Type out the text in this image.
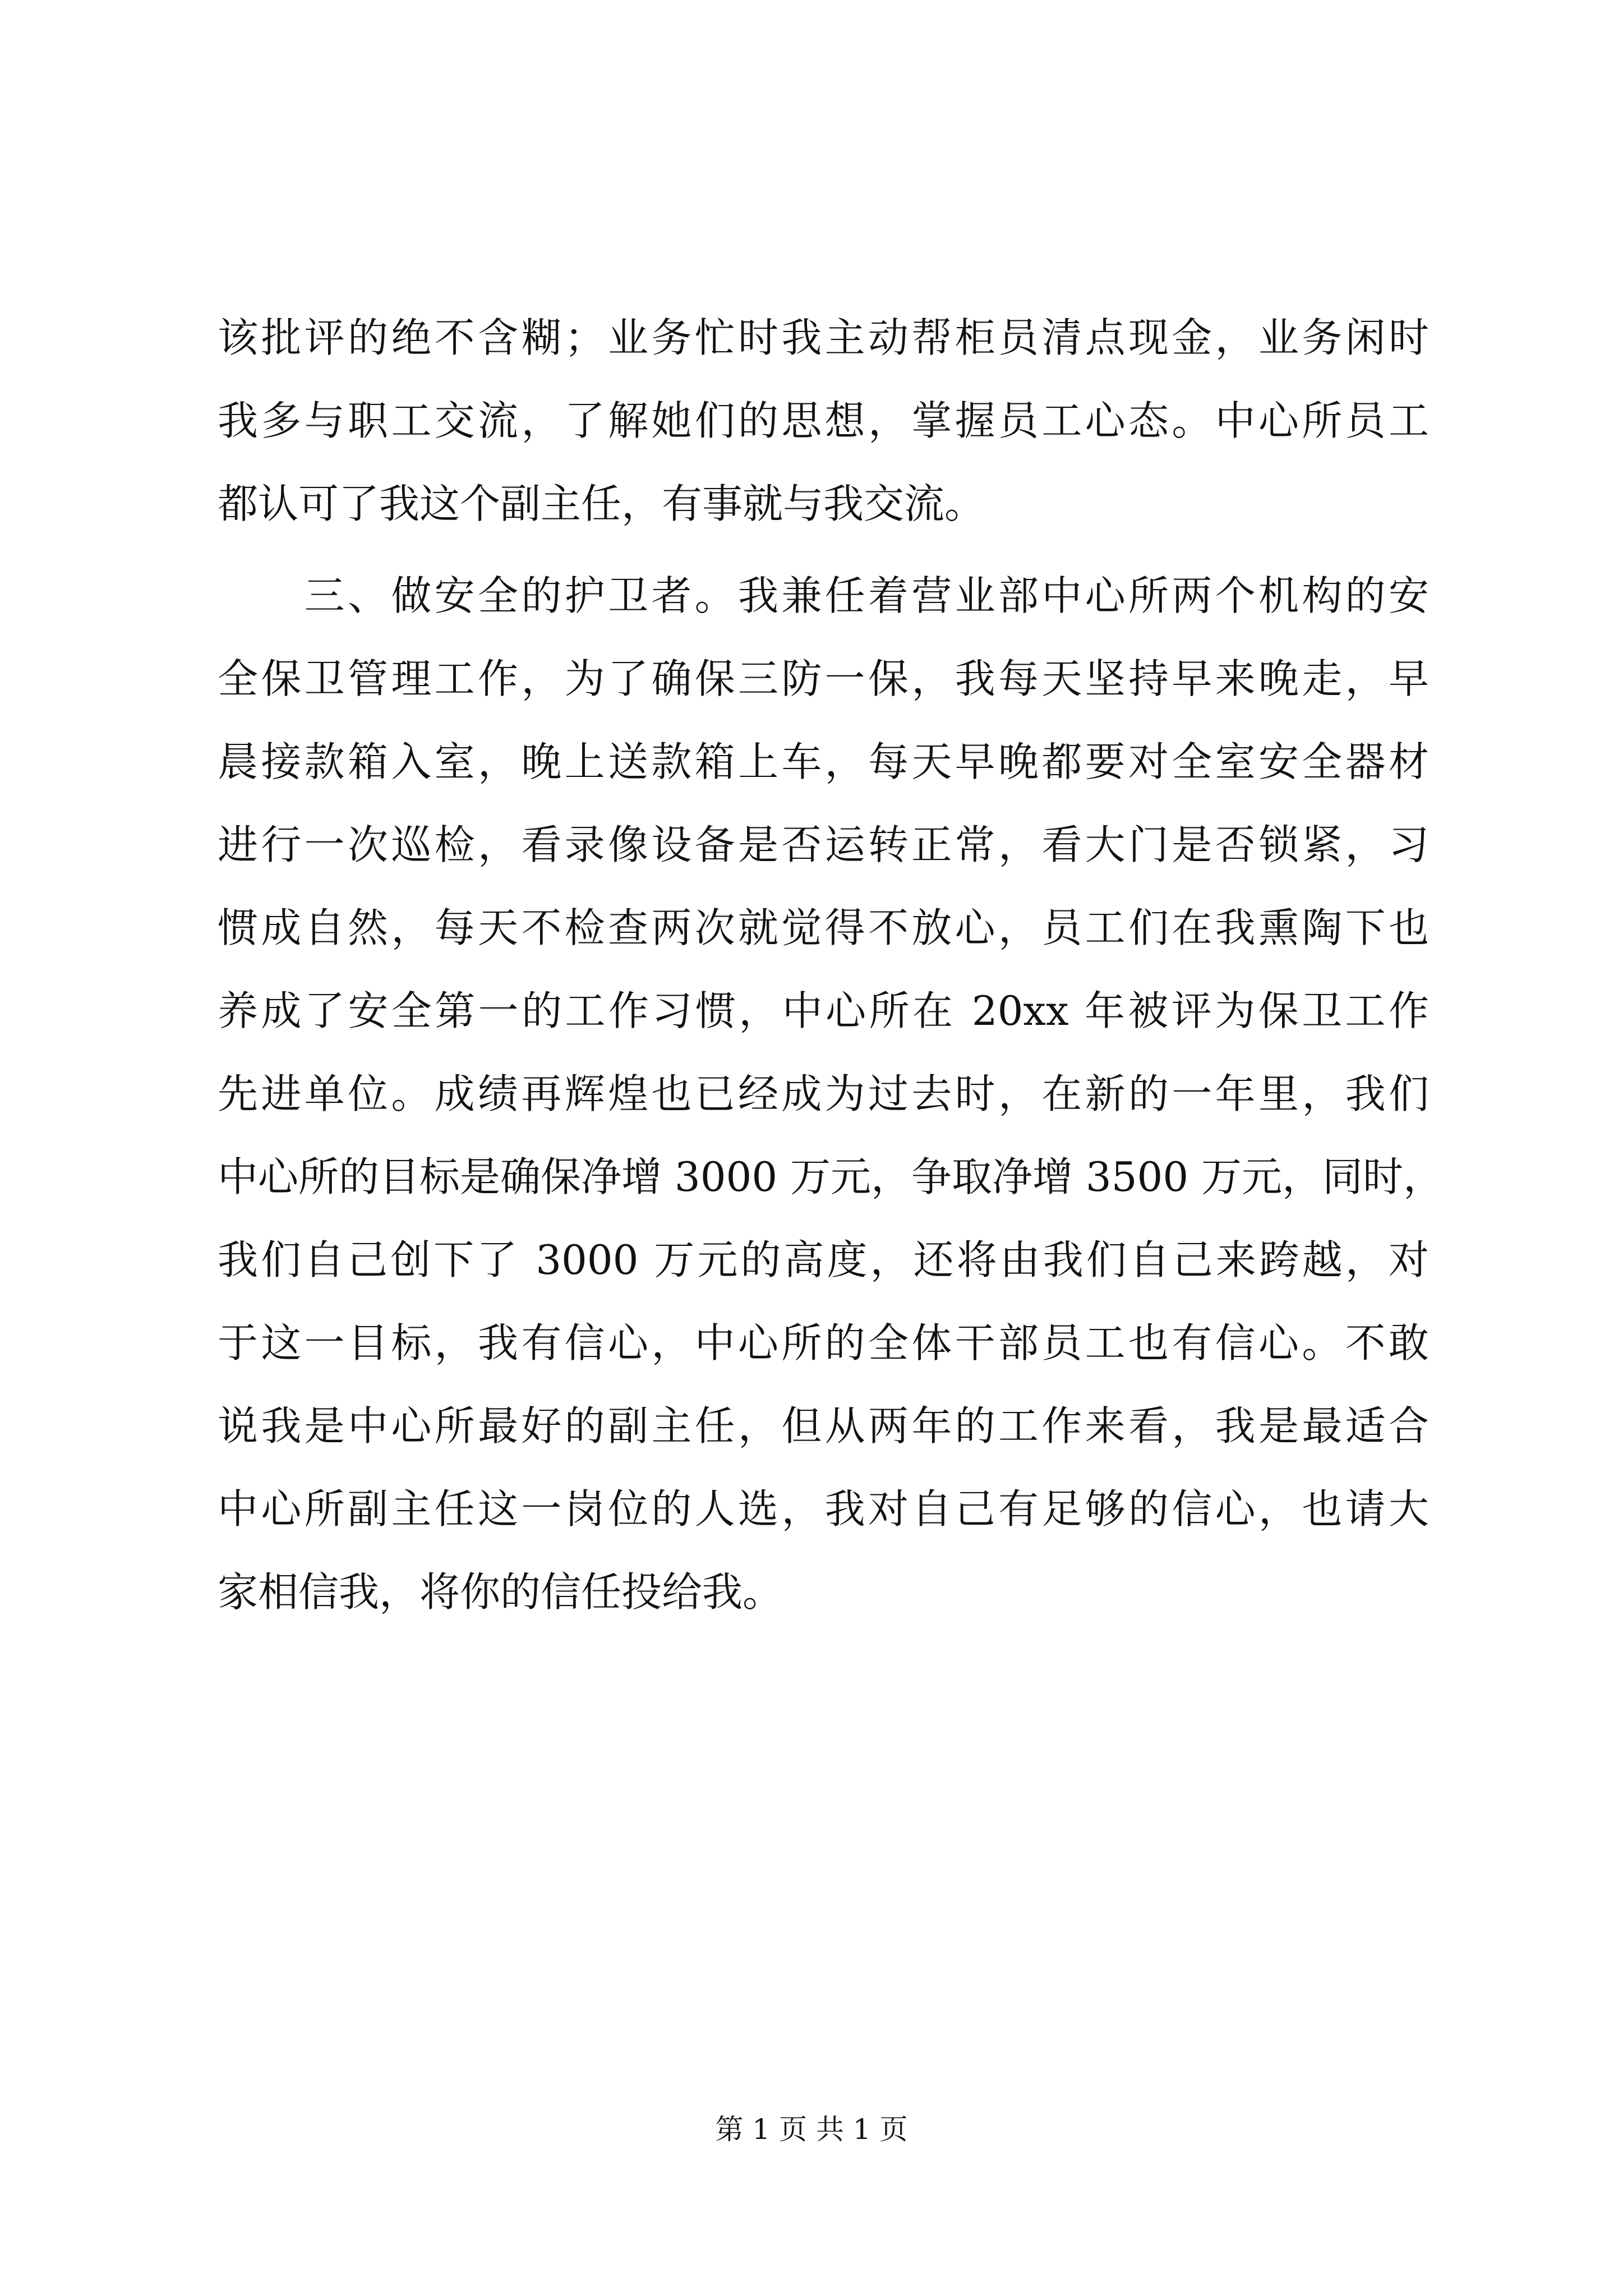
该批评的绝不含糊；业务忙时我主动帮柜员清点现金，业务闲时
我多与职工交流，了解她们的思想，掌握员工心态。中心所员工
都认可了我这个副主任，有事就与我交流。
　　三、做安全的护卫者。我兼任着营业部中心所两个机构的安
全保卫管理工作，为了确保三防一保，我每天坚持早来晚走，早
晨接款箱入室，晚上送款箱上车，每天早晚都要对全室安全器材
进行一次巡检，看录像设备是否运转正常，看大门是否锁紧，习
惯成自然，每天不检查两次就觉得不放心，员工们在我熏陶下也
养成了安全第一的工作习惯，中心所在 20xx 年被评为保卫工作
先进单位。成绩再辉煌也已经成为过去时，在新的一年里，我们
中心所的目标是确保净增 3000 万元，争取净增 3500 万元，同时，
我们自己创下了 3000 万元的高度，还将由我们自己来跨越，对
于这一目标，我有信心，中心所的全体干部员工也有信心。不敢
说我是中心所最好的副主任，但从两年的工作来看，我是最适合
中心所副主任这一岗位的人选，我对自己有足够的信心，也请大
家相信我，将你的信任投给我。
第 1 页 共 1 页
